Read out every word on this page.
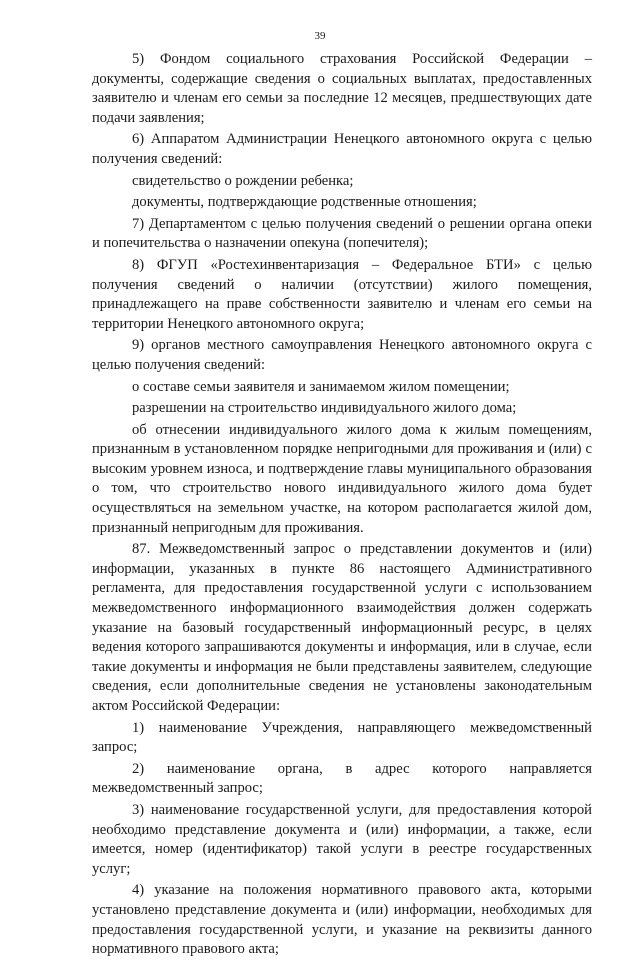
39

5) Фондом социального страхования Российской Федерации – документы, содержащие сведения о социальных выплатах, предоставленных заявителю и членам его семьи за последние 12 месяцев, предшествующих дате подачи заявления;

6) Аппаратом Администрации Ненецкого автономного округа с целью получения сведений:

свидетельство о рождении ребенка;

документы, подтверждающие родственные отношения;

7) Департаментом с целью получения сведений о решении органа опеки и попечительства о назначении опекуна (попечителя);

8) ФГУП «Ростехинвентаризация – Федеральное БТИ» с целью получения сведений о наличии (отсутствии) жилого помещения, принадлежащего на праве собственности заявителю и членам его семьи на территории Ненецкого автономного округа;

9) органов местного самоуправления Ненецкого автономного округа с целью получения сведений:

о составе семьи заявителя и занимаемом жилом помещении;

разрешении на строительство индивидуального жилого дома;

об отнесении индивидуального жилого дома к жилым помещениям, признанным в установленном порядке непригодными для проживания и (или) с высоким уровнем износа, и подтверждение главы муниципального образования о том, что строительство нового индивидуального жилого дома будет осуществляться на земельном участке, на котором располагается жилой дом, признанный непригодным для проживания.

87. Межведомственный запрос о представлении документов и (или) информации, указанных в пункте 86 настоящего Административного регламента, для предоставления государственной услуги с использованием межведомственного информационного взаимодействия должен содержать указание на базовый государственный информационный ресурс, в целях ведения которого запрашиваются документы и информация, или в случае, если такие документы и информация не были представлены заявителем, следующие сведения, если дополнительные сведения не установлены законодательным актом Российской Федерации:

1) наименование Учреждения, направляющего межведомственный запрос;

2) наименование органа, в адрес которого направляется межведомственный запрос;

3) наименование государственной услуги, для предоставления которой необходимо представление документа и (или) информации, а также, если имеется, номер (идентификатор) такой услуги в реестре государственных услуг;

4) указание на положения нормативного правового акта, которыми установлено представление документа и (или) информации, необходимых для предоставления государственной услуги, и указание на реквизиты данного нормативного правового акта;
